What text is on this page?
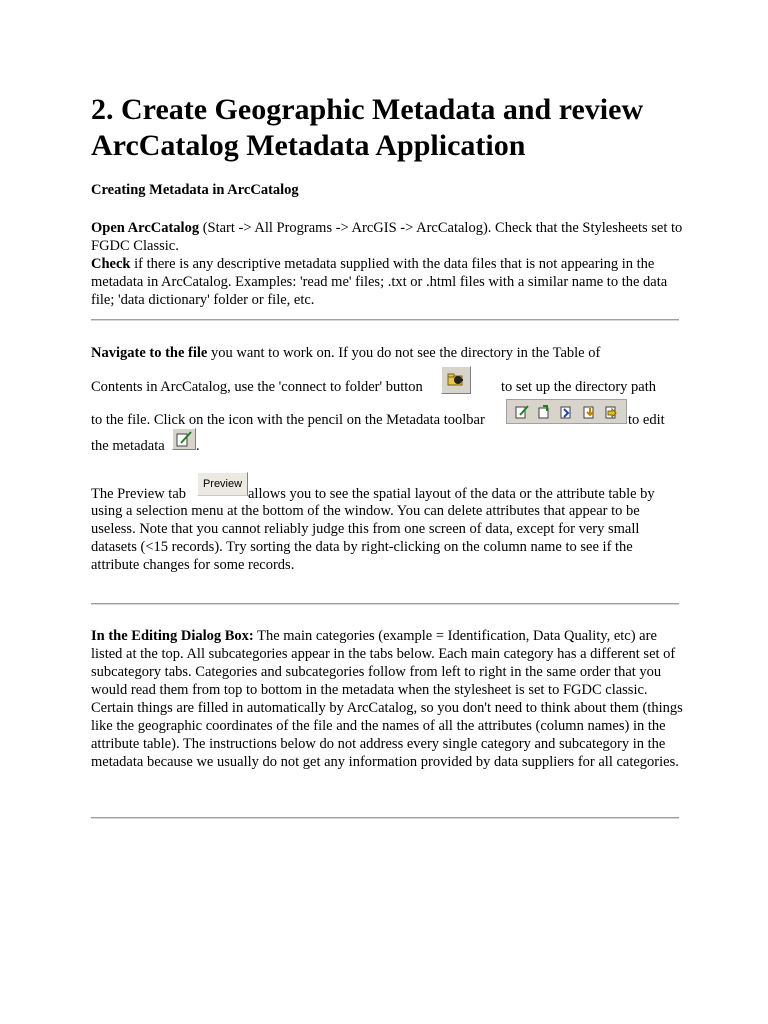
2. Create Geographic Metadata and review ArcCatalog Metadata Application

Creating Metadata in ArcCatalog

Open ArcCatalog (Start -> All Programs -> ArcGIS -> ArcCatalog). Check that the Stylesheets set to FGDC Classic.
Check if there is any descriptive metadata supplied with the data files that is not appearing in the metadata in ArcCatalog. Examples: 'read me' files; .txt or .html files with a similar name to the data file; 'data dictionary' folder or file, etc.

Navigate to the file you want to work on. If you do not see the directory in the Table of
Contents in ArcCatalog, use the 'connect to folder' button	to set up the directory path
to the file. Click on the icon with the pencil on the Metadata toolbar	to edit
the metadata .
The Preview tab
Preview
allows you to see the spatial layout of the data or the attribute table by

using a selection menu at the bottom of the window. You can delete attributes that appear to be useless. Note that you cannot reliably judge this from one screen of data, except for very small datasets (<15 records). Try sorting the data by right-clicking on the column name to see if the attribute changes for some records.

In the Editing Dialog Box: The main categories (example = Identification, Data Quality, etc) are listed at the top. All subcategories appear in the tabs below. Each main category has a different set of subcategory tabs. Categories and subcategories follow from left to right in the same order that you would read them from top to bottom in the metadata when the stylesheet is set to FGDC classic. Certain things are filled in automatically by ArcCatalog, so you don't need to think about them (things like the geographic coordinates of the file and the names of all the attributes (column names) in the attribute table). The instructions below do not address every single category and subcategory in the metadata because we usually do not get any information provided by data suppliers for all categories.
